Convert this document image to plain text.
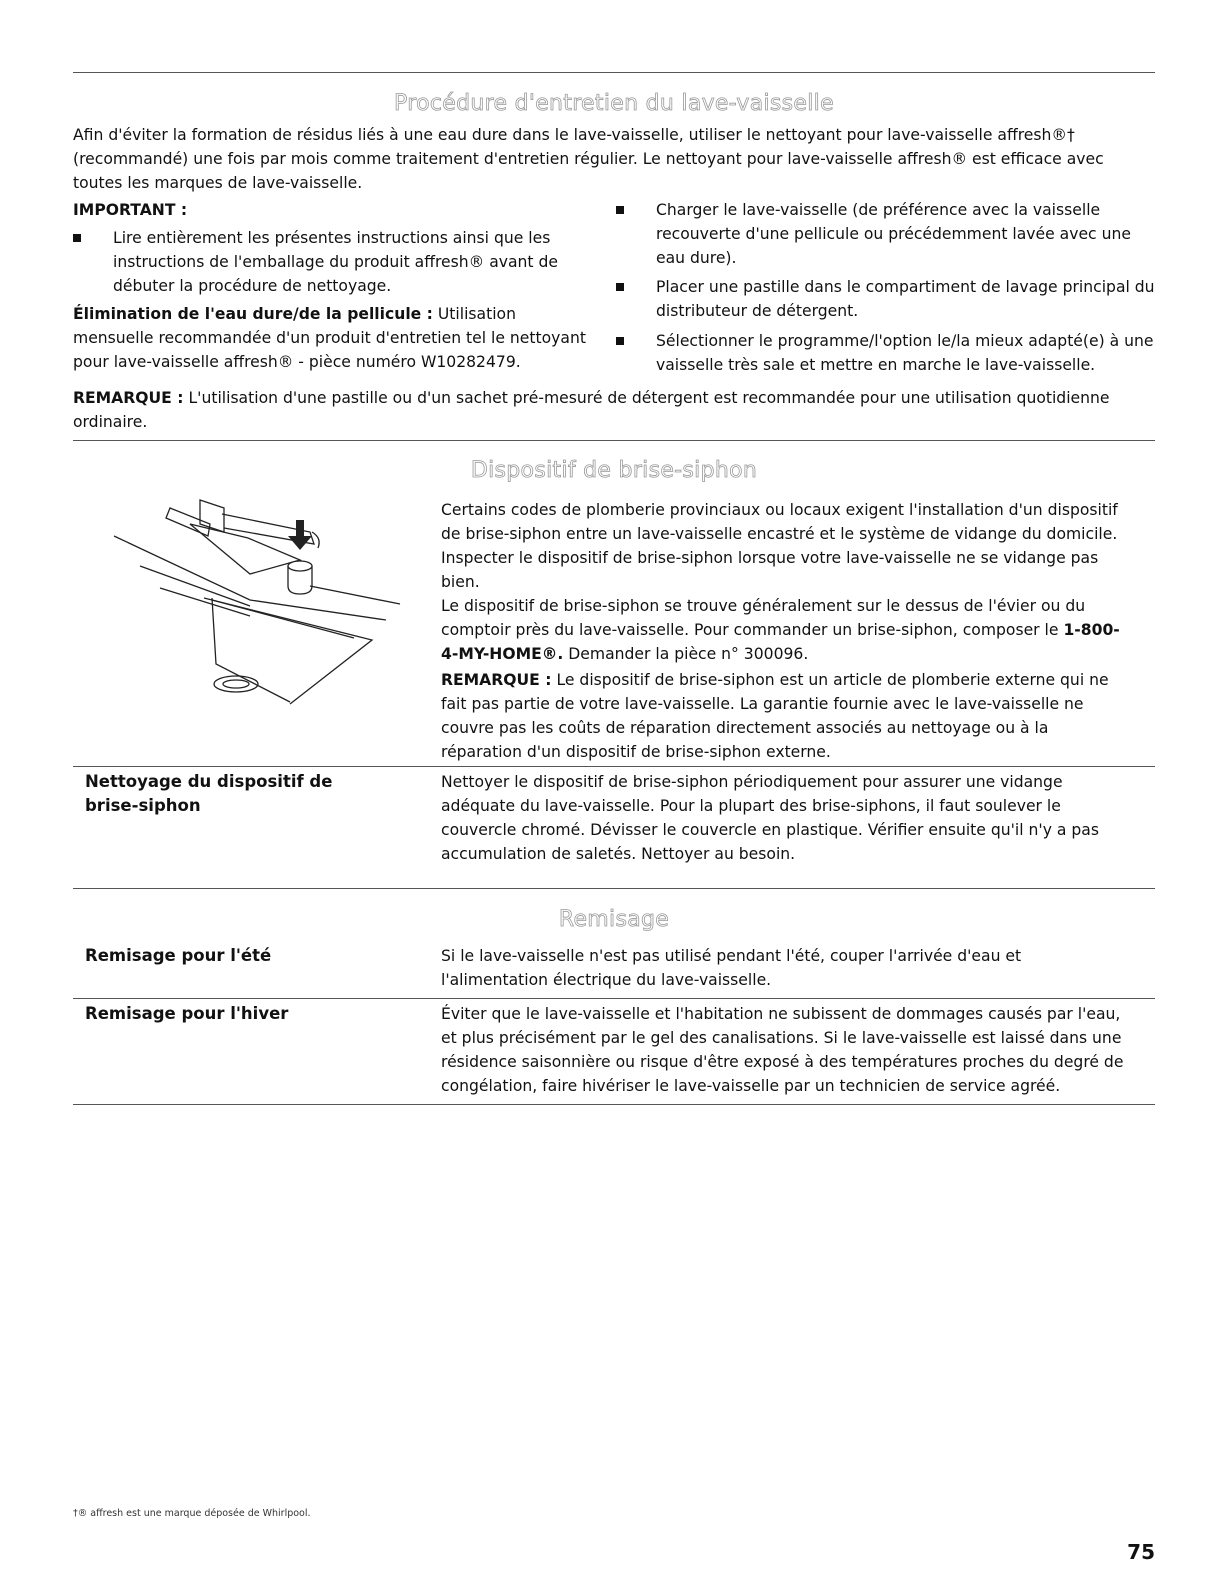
Procédure d'entretien du lave-vaisselle
Afin d'éviter la formation de résidus liés à une eau dure dans le lave-vaisselle, utiliser le nettoyant pour lave-vaisselle affresh®† (recommandé) une fois par mois comme traitement d'entretien régulier. Le nettoyant pour lave-vaisselle affresh® est efficace avec toutes les marques de lave-vaisselle.
IMPORTANT :
Lire entièrement les présentes instructions ainsi que les instructions de l'emballage du produit affresh® avant de débuter la procédure de nettoyage.
Élimination de l'eau dure/de la pellicule : Utilisation mensuelle recommandée d'un produit d'entretien tel le nettoyant pour lave-vaisselle affresh® - pièce numéro W10282479.
Charger le lave-vaisselle (de préférence avec la vaisselle recouverte d'une pellicule ou précédemment lavée avec une eau dure).
Placer une pastille dans le compartiment de lavage principal du distributeur de détergent.
Sélectionner le programme/l'option le/la mieux adapté(e) à une vaisselle très sale et mettre en marche le lave-vaisselle.
REMARQUE : L'utilisation d'une pastille ou d'un sachet pré-mesuré de détergent est recommandée pour une utilisation quotidienne ordinaire.
Dispositif de brise-siphon
Certains codes de plomberie provinciaux ou locaux exigent l'installation d'un dispositif de brise-siphon entre un lave-vaisselle encastré et le système de vidange du domicile. Inspecter le dispositif de brise-siphon lorsque votre lave-vaisselle ne se vidange pas bien.
Le dispositif de brise-siphon se trouve généralement sur le dessus de l'évier ou du comptoir près du lave-vaisselle. Pour commander un brise-siphon, composer le 1-800-4-MY-HOME®. Demander la pièce n° 300096.
REMARQUE : Le dispositif de brise-siphon est un article de plomberie externe qui ne fait pas partie de votre lave-vaisselle. La garantie fournie avec le lave-vaisselle ne couvre pas les coûts de réparation directement associés au nettoyage ou à la réparation d'un dispositif de brise-siphon externe.
Nettoyage du dispositif de brise-siphon
Nettoyer le dispositif de brise-siphon périodiquement pour assurer une vidange adéquate du lave-vaisselle. Pour la plupart des brise-siphons, il faut soulever le couvercle chromé. Dévisser le couvercle en plastique. Vérifier ensuite qu'il n'y a pas accumulation de saletés. Nettoyer au besoin.
Remisage
Remisage pour l'été	Si le lave-vaisselle n'est pas utilisé pendant l'été, couper l'arrivée d'eau et l'alimentation électrique du lave-vaisselle.
Remisage pour l'hiver	Éviter que le lave-vaisselle et l'habitation ne subissent de dommages causés par l'eau, et plus précisément par le gel des canalisations. Si le lave-vaisselle est laissé dans une résidence saisonnière ou risque d'être exposé à des températures proches du degré de congélation, faire hivériser le lave-vaisselle par un technicien de service agréé.
†® affresh est une marque déposée de Whirlpool.
75
